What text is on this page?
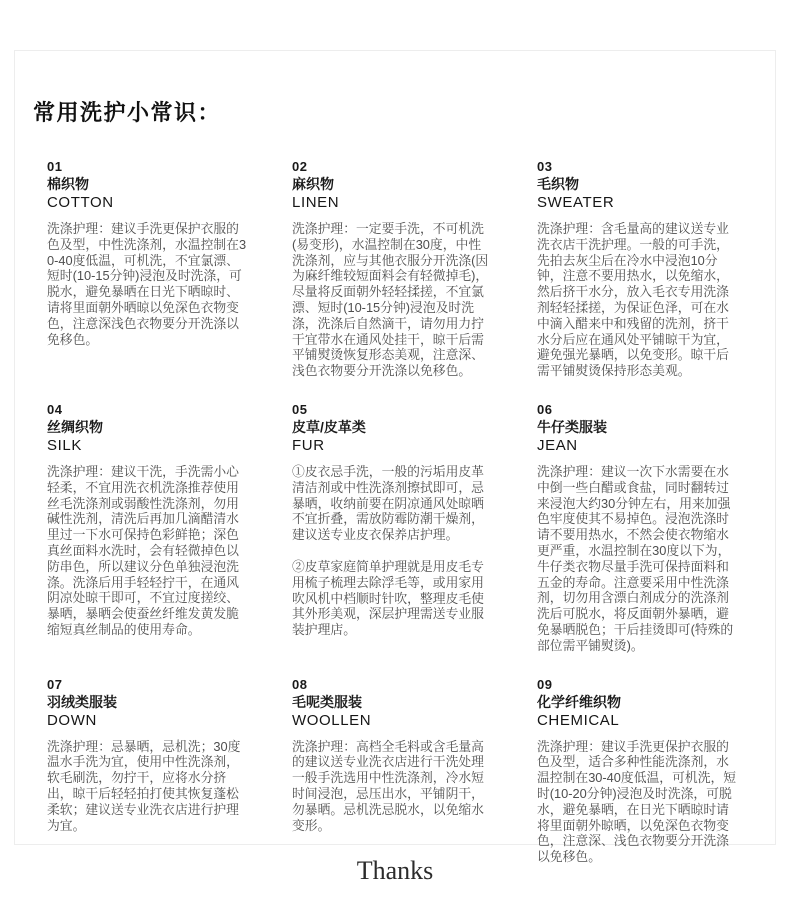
常用洗护小常识：
01
棉织物
COTTON

洗涤护理：建议手洗更保护衣服的色及型，中性洗涤剂，水温控制在30-40度低温，可机洗，不宜氯漂、短时(10-15分钟)浸泡及时洗涤，可脱水，避免暴晒在日光下晒晾时、请将里面朝外晒晾以免深色衣物变色，注意深浅色衣物要分开洗涤以免移色。

02
麻织物
LINEN

洗涤护理：一定要手洗，不可机洗(易变形)，水温控制在30度，中性洗涤剂，应与其他衣服分开洗涤(因为麻纤维较短面料会有轻微掉毛)，尽量将反面朝外轻轻揉搓，不宜氯漂、短时(10-15分钟)浸泡及时洗涤，洗涤后自然滴干，请勿用力拧干宜带水在通风处挂干，晾干后需平铺熨烫恢复形态美观，注意深、浅色衣物要分开洗涤以免移色。

03
毛织物
SWEATER

洗涤护理：含毛量高的建议送专业洗衣店干洗护理。一般的可手洗，先拍去灰尘后在冷水中浸泡10分钟，注意不要用热水，以免缩水，然后挤干水分，放入毛衣专用洗涤剂轻轻揉搓，为保证色泽，可在水中滴入醋来中和残留的洗剂，挤干水分后应在通风处平铺晾干为宜，避免强光暴晒，以免变形。晾干后需平铺熨烫保持形态美观。

04
丝绸织物
SILK

洗涤护理：建议干洗，手洗需小心轻柔，不宜用洗衣机洗涤推荐使用丝毛洗涤剂或弱酸性洗涤剂，勿用碱性洗剂，清洗后再加几滴醋清水里过一下水可保持色彩鲜艳；深色真丝面料水洗时，会有轻微掉色以防串色，所以建议分色单独浸泡洗涤。洗涤后用手轻轻拧干，在通风阴凉处晾干即可，不宜过度搓绞、暴晒，暴晒会使蚕丝纤维发黄发脆缩短真丝制品的使用寿命。

05
皮草/皮革类
FUR

①皮衣忌手洗，一般的污垢用皮革清洁剂或中性洗涤剂擦拭即可，忌暴晒，收纳前要在阴凉通风处晾晒不宜折叠，需放防霉防潮干燥剂，建议送专业皮衣保养店护理。

②皮草家庭简单护理就是用皮毛专用梳子梳理去除浮毛等，或用家用吹风机中档顺时针吹，整理皮毛使其外形美观，深层护理需送专业服装护理店。

06
牛仔类服装
JEAN

洗涤护理：建议一次下水需要在水中倒一些白醋或食盐，同时翻转过来浸泡大约30分钟左右，用来加强色牢度使其不易掉色。浸泡洗涤时请不要用热水，不然会使衣物缩水更严重，水温控制在30度以下为，牛仔类衣物尽量手洗可保持面料和五金的寿命。注意要采用中性洗涤剂，切勿用含漂白剂成分的洗涤剂洗后可脱水，将反面朝外暴晒，避免暴晒脱色；干后挂烫即可(特殊的部位需平铺熨烫)。

07
羽绒类服装
DOWN

洗涤护理：忌暴晒，忌机洗；30度温水手洗为宜，使用中性洗涤剂，软毛刷洗，勿拧干，应将水分挤出，晾干后轻轻拍打使其恢复蓬松柔软；建议送专业洗衣店进行护理为宜。

08
毛呢类服装
WOOLLEN

洗涤护理：高档全毛料或含毛量高的建议送专业洗衣店进行干洗处理一般手洗选用中性洗涤剂，冷水短时间浸泡，忌压出水，平铺阴干，勿暴晒。忌机洗忌脱水，以免缩水变形。

09
化学纤维织物
CHEMICAL

洗涤护理：建议手洗更保护衣服的色及型，适合多种性能洗涤剂，水温控制在30-40度低温，可机洗，短时(10-20分钟)浸泡及时洗涤，可脱水，避免暴晒，在日光下晒晾时请将里面朝外晾晒，以免深色衣物变色，注意深、浅色衣物要分开洗涤以免移色。

Thanks
